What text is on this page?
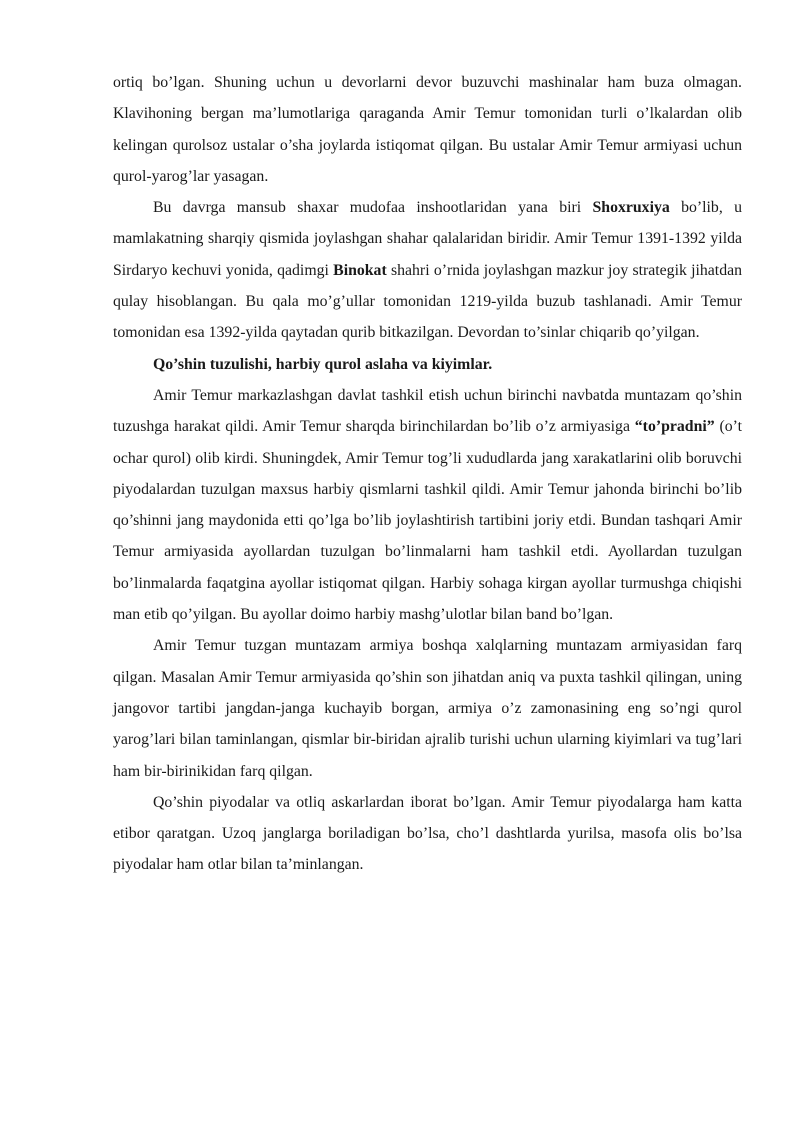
ortiq bo’lgan. Shuning uchun u devorlarni devor buzuvchi mashinalar ham buza olmagan. Klavihoning bergan ma’lumotlariga qaraganda Amir Temur tomonidan turli o’lkalardan olib kelingan qurolsoz ustalar o’sha joylarda istiqomat qilgan. Bu ustalar Amir Temur armiyasi uchun qurol-yarog’lar yasagan.

Bu davrga mansub shaxar mudofaa inshootlaridan yana biri Shoxruxiya bo’lib, u mamlakatning sharqiy qismida joylashgan shahar qalalaridan biridir. Amir Temur 1391-1392 yilda Sirdaryo kechuvi yonida, qadimgi Binokat shahri o’rnida joylashgan mazkur joy strategik jihatdan qulay hisoblangan. Bu qala mo’g’ullar tomonidan 1219-yilda buzub tashlanadi. Amir Temur tomonidan esa 1392-yilda qaytadan qurib bitkazilgan. Devordan to’sinlar chiqarib qo’yilgan.

Qo’shin tuzulishi, harbiy qurol aslaha va kiyimlar.

Amir Temur markazlashgan davlat tashkil etish uchun birinchi navbatda muntazam qo’shin tuzushga harakat qildi. Amir Temur sharqda birinchilardan bo’lib o’z armiyasiga “to’pradni” (o’t ochar qurol) olib kirdi. Shuningdek, Amir Temur tog’li xududlarda jang xarakatlarini olib boruvchi piyodalardan tuzulgan maxsus harbiy qismlarni tashkil qildi. Amir Temur jahonda birinchi bo’lib qo’shinni jang maydonida etti qo’lga bo’lib joylashtirish tartibini joriy etdi. Bundan tashqari Amir Temur armiyasida ayollardan tuzulgan bo’linmalarni ham tashkil etdi. Ayollardan tuzulgan bo’linmalarda faqatgina ayollar istiqomat qilgan. Harbiy sohaga kirgan ayollar turmushga chiqishi man etib qo’yilgan. Bu ayollar doimo harbiy mashg’ulotlar bilan band bo’lgan.

Amir Temur tuzgan muntazam armiya boshqa xalqlarning muntazam armiyasidan farq qilgan. Masalan Amir Temur armiyasida qo’shin son jihatdan aniq va puxta tashkil qilingan, uning jangovor tartibi jangdan-janga kuchayib borgan, armiya o’z zamonasining eng so’ngi qurol yarog’lari bilan taminlangan, qismlar bir-biridan ajralib turishi uchun ularning kiyimlari va tug’lari ham bir-birinikidan farq qilgan.

Qo’shin piyodalar va otliq askarlardan iborat bo’lgan. Amir Temur piyodalarga ham katta etibor qaratgan. Uzoq janglarga boriladigan bo’lsa, cho’l dashtlarda yurilsa, masofa olis bo’lsa piyodalar ham otlar bilan ta’minlangan.
